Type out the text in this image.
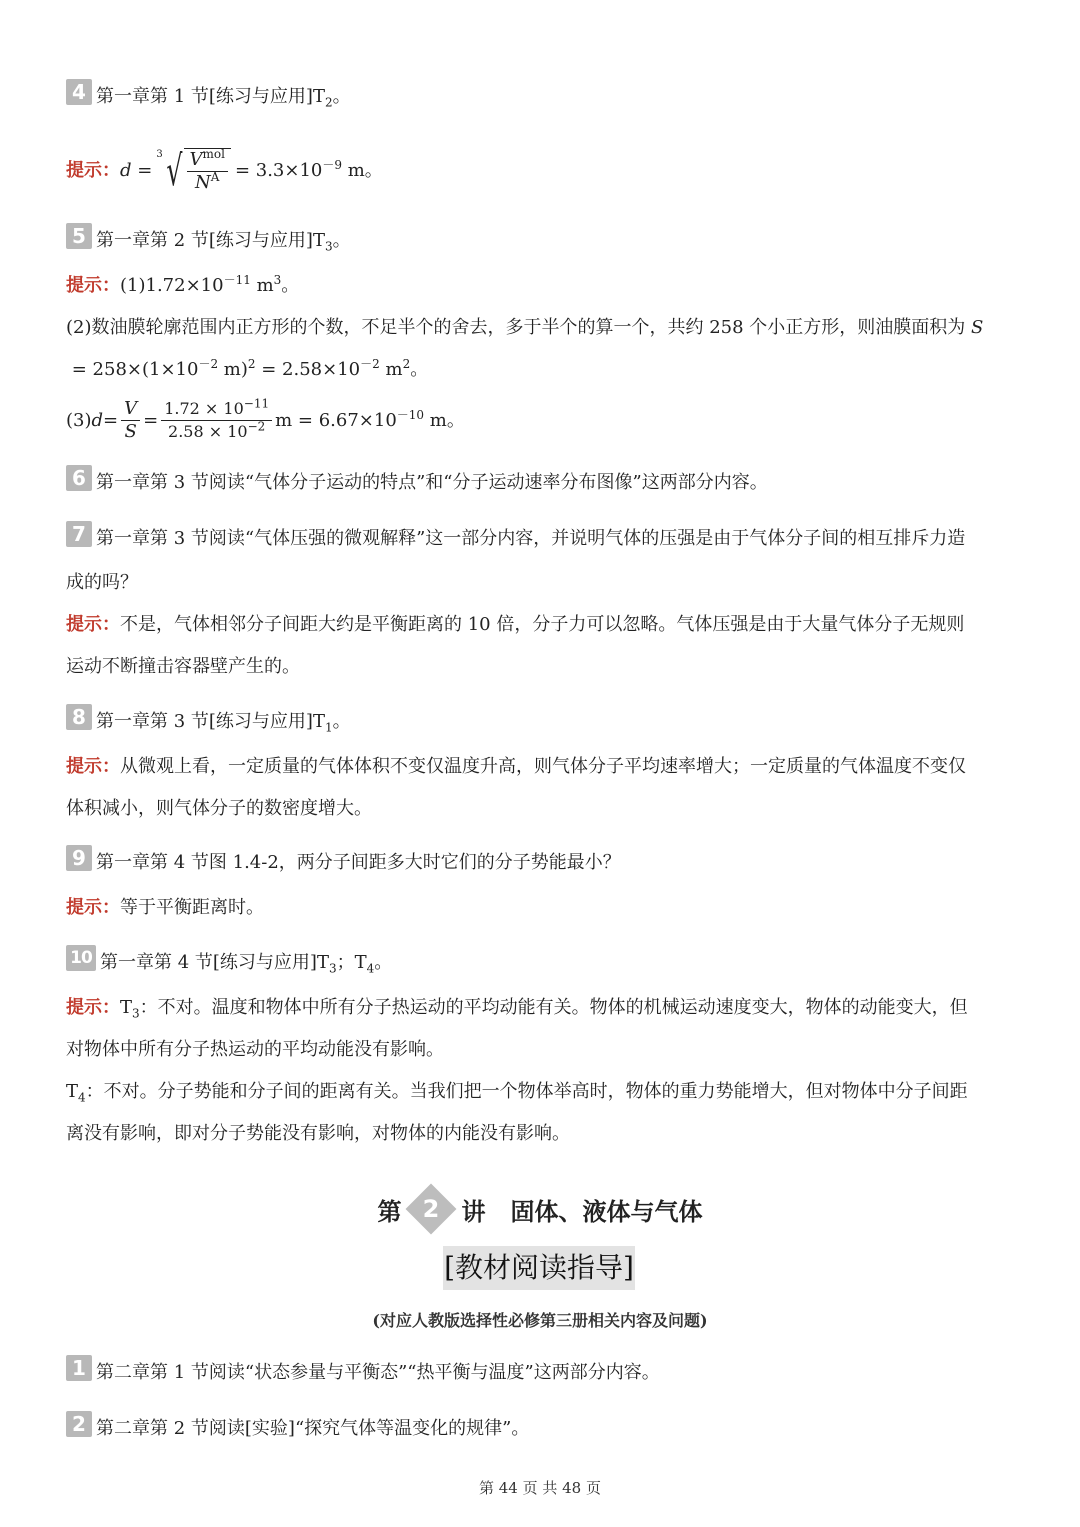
4 第一章第 1 节[练习与应用]$T_2$。
提示： d
=
3 √ $\frac{V^{mol}}{N^A} = 3.3\times 10^{-9}$ m。
5 第一章第 2 节[练习与应用]$T_3$。
提示：$(1)1.72\times 10^{-11}$ $m^3$。
(2)数油膜轮廓范围内正方形的个数，不足半个的舍去，多于半个的算一个，共约 258 个小正方形，则油膜面积为 S
= $258\times(1\times 10^{-2}$ $m)^2 = 2.58\times 10^{-2}$ $m^2$。
(3) $d = \frac{V}{S} = \frac{1.72 \times 10^{-11}}{2.58 \times 10^{-2}}$ $m = 6.67\times 10^{-10}$ m。
6 第一章第 3 节阅读“气体分子运动的特点”和“分子运动速率分布图像”这两部分内容。
7 第一章第 3 节阅读“气体压强的微观解释”这一部分内容，并说明气体的压强是由于气体分子间的相互排斥力造
成的吗？
提示：不是，气体相邻分子间距大约是平衡距离的 10 倍，分子力可以忽略。气体压强是由于大量气体分子无规则
运动不断撞击容器壁产生的。
8 第一章第 3 节[练习与应用]$T_1$。
提示：从微观上看，一定质量的气体体积不变仅温度升高，则气体分子平均速率增大；一定质量的气体温度不变仅
体积减小，则气体分子的数密度增大。
9 第一章第 4 节图 1.4-2，两分子间距多大时它们的分子势能最小？
提示：等于平衡距离时。
10 第一章第 4 节[练习与应用]$T_3$；$T_4$。
提示：$T_3$：不对。温度和物体中所有分子热运动的平均动能有关。物体的机械运动速度变大，物体的动能变大，但
对物体中所有分子热运动的平均动能没有影响。
$T_4$：不对。分子势能和分子间的距离有关。当我们把一个物体举高时，物体的重力势能增大，但对物体中分子间距
离没有影响，即对分子势能没有影响，对物体的内能没有影响。
第 2 讲 固体、液体与气体
[教材阅读指导]
(对应人教版选择性必修第三册相关内容及问题)
1 第二章第 1 节阅读“状态参量与平衡态”“热平衡与温度”这两部分内容。
2 第二章第 2 节阅读[实验]“探究气体等温变化的规律”。
第 44 页 共 48 页
